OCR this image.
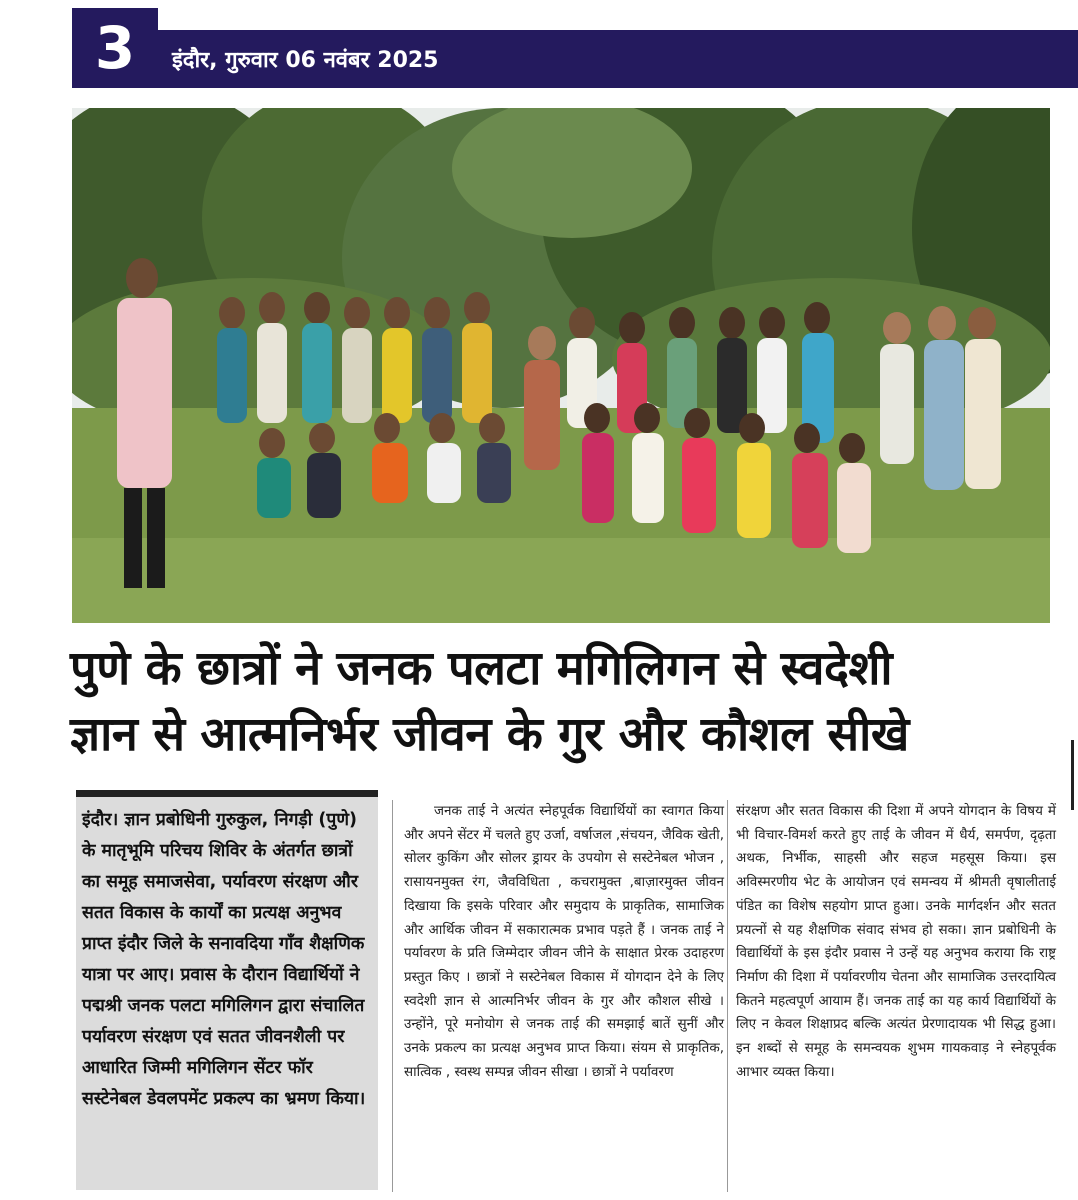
3	इंदौर, गुरुवार 06 नवंबर 2025
पुणे के छात्रों ने जनक पलटा मगिलिगन से स्वदेशी
ज्ञान से आत्मनिर्भर जीवन के गुर और कौशल सीखे
इंदौर। ज्ञान प्रबोधिनी गुरुकुल, निगड़ी (पुणे) के मातृभूमि परिचय शिविर के अंतर्गत छात्रों का समूह समाजसेवा, पर्यावरण संरक्षण और सतत विकास के कार्यों का प्रत्यक्ष अनुभव प्राप्त इंदौर जिले के सनावदिया गाँव शैक्षणिक यात्रा पर आए। प्रवास के दौरान विद्यार्थियों ने पद्मश्री जनक पलटा मगिलिगन द्वारा संचालित पर्यावरण संरक्षण एवं सतत जीवनशैली पर आधारित जिम्मी मगिलिगन सेंटर फॉर सस्टेनेबल डेवलपमेंट प्रकल्प का भ्रमण किया।
जनक ताई ने अत्यंत स्नेहपूर्वक विद्यार्थियों का स्वागत किया और अपने सेंटर में चलते हुए उर्जा, वर्षाजल ,संचयन, जैविक खेती, सोलर कुकिंग और सोलर ड्रायर के उपयोग से सस्टेनेबल भोजन , रासायनमुक्त रंग, जैवविधिता , कचरामुक्त ,बाज़ारमुक्त जीवन दिखाया कि इसके परिवार और समुदाय के प्राकृतिक, सामाजिक और आर्थिक जीवन में सकारात्मक प्रभाव पड़ते हैं । जनक ताई ने पर्यावरण के प्रति जिम्मेदार जीवन जीने के साक्षात प्रेरक उदाहरण प्रस्तुत किए । छात्रों ने सस्टेनेबल विकास में योगदान देने के लिए स्वदेशी ज्ञान से आत्मनिर्भर जीवन के गुर और कौशल सीखे । उन्होंने, पूरे मनोयोग से जनक ताई की समझाई बातें सुनीं और उनके प्रकल्प का प्रत्यक्ष अनुभव प्राप्त किया। संयम से प्राकृतिक, सात्विक , स्वस्थ सम्पन्न जीवन सीखा । छात्रों ने पर्यावरण
संरक्षण और सतत विकास की दिशा में अपने योगदान के विषय में भी विचार-विमर्श करते हुए ताई के जीवन में धैर्य, समर्पण, दृढ़ता अथक, निर्भीक, साहसी और सहज महसूस किया। इस अविस्मरणीय भेट के आयोजन एवं समन्वय में श्रीमती वृषालीताई पंडित का विशेष सहयोग प्राप्त हुआ। उनके मार्गदर्शन और सतत प्रयत्नों से यह शैक्षणिक संवाद संभव हो सका। ज्ञान प्रबोधिनी के विद्यार्थियों के इस इंदौर प्रवास ने उन्हें यह अनुभव कराया कि राष्ट्र निर्माण की दिशा में पर्यावरणीय चेतना और सामाजिक उत्तरदायित्व कितने महत्वपूर्ण आयाम हैं। जनक ताई का यह कार्य विद्यार्थियों के लिए न केवल शिक्षाप्रद बल्कि अत्यंत प्रेरणादायक भी सिद्ध हुआ। इन शब्दों से समूह के समन्वयक शुभम गायकवाड़ ने स्नेहपूर्वक आभार व्यक्त किया।
